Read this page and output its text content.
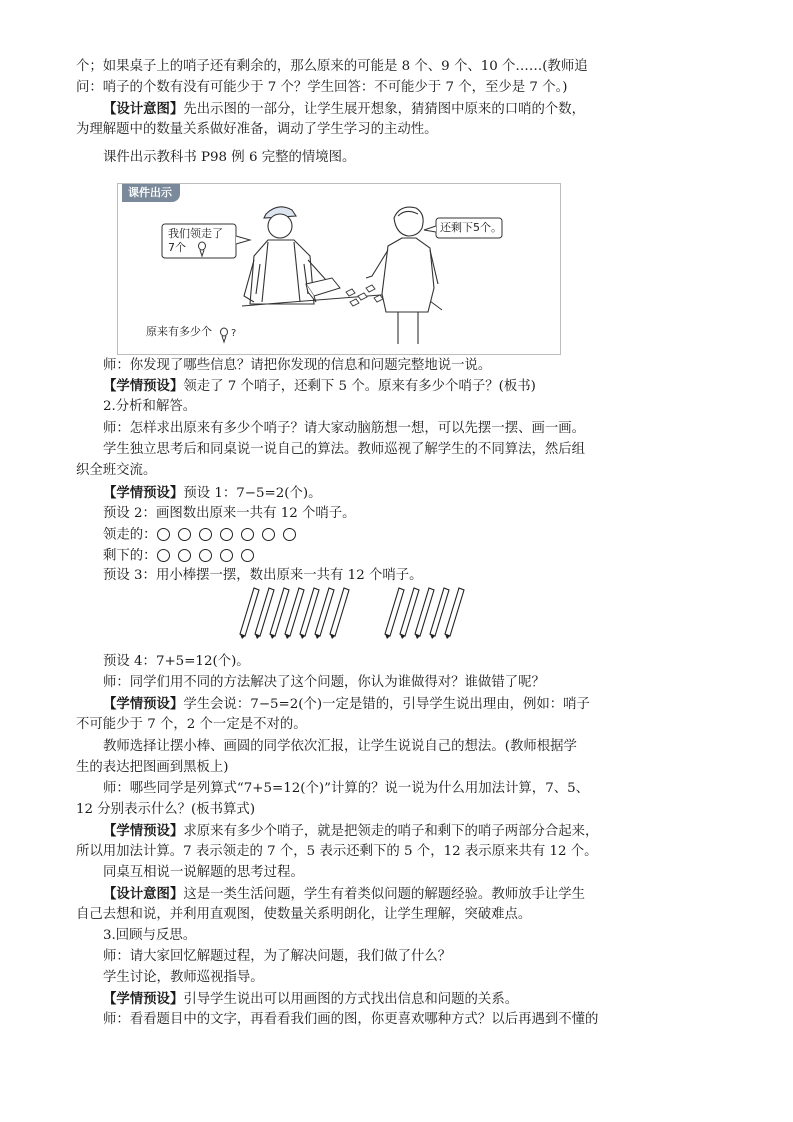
个；如果桌子上的哨子还有剩余的，那么原来的可能是 8 个、9 个、10 个……(教师追
问：哨子的个数有没有可能少于 7 个？学生回答：不可能少于 7 个，至少是 7 个。)
【设计意图】先出示图的一部分，让学生展开想象，猜猜图中原来的口哨的个数，
为理解题中的数量关系做好准备，调动了学生学习的主动性。
课件出示教科书 P98 例 6 完整的情境图。
课件出示
?
我们领走了
7个
还剩下5个。
原来有多少个
师：你发现了哪些信息？请把你发现的信息和问题完整地说一说。
【学情预设】领走了 7 个哨子，还剩下 5 个。原来有多少个哨子？(板书)
2.分析和解答。
师：怎样求出原来有多少个哨子？请大家动脑筋想一想，可以先摆一摆、画一画。
学生独立思考后和同桌说一说自己的算法。教师巡视了解学生的不同算法，然后组
织全班交流。
【学情预设】预设 1：7−5=2(个)。
预设 2：画图数出原来一共有 12 个哨子。
领走的：
剩下的：
预设 3：用小棒摆一摆，数出原来一共有 12 个哨子。
预设 4：7+5=12(个)。
师：同学们用不同的方法解决了这个问题，你认为谁做得对？谁做错了呢？
【学情预设】学生会说：7−5=2(个)一定是错的，引导学生说出理由，例如：哨子
不可能少于 7 个，2 个一定是不对的。
教师选择让摆小棒、画圆的同学依次汇报，让学生说说自己的想法。(教师根据学
生的表达把图画到黑板上)
师：哪些同学是列算式“7+5=12(个)”计算的？说一说为什么用加法计算，7、5、
12 分别表示什么？(板书算式)
【学情预设】求原来有多少个哨子，就是把领走的哨子和剩下的哨子两部分合起来，
所以用加法计算。7 表示领走的 7 个，5 表示还剩下的 5 个，12 表示原来共有 12 个。
同桌互相说一说解题的思考过程。
【设计意图】这是一类生活问题，学生有着类似问题的解题经验。教师放手让学生
自己去想和说，并利用直观图，使数量关系明朗化，让学生理解，突破难点。
3.回顾与反思。
师：请大家回忆解题过程，为了解决问题，我们做了什么？
学生讨论，教师巡视指导。
【学情预设】引导学生说出可以用画图的方式找出信息和问题的关系。
师：看看题目中的文字，再看看我们画的图，你更喜欢哪种方式？以后再遇到不懂的
